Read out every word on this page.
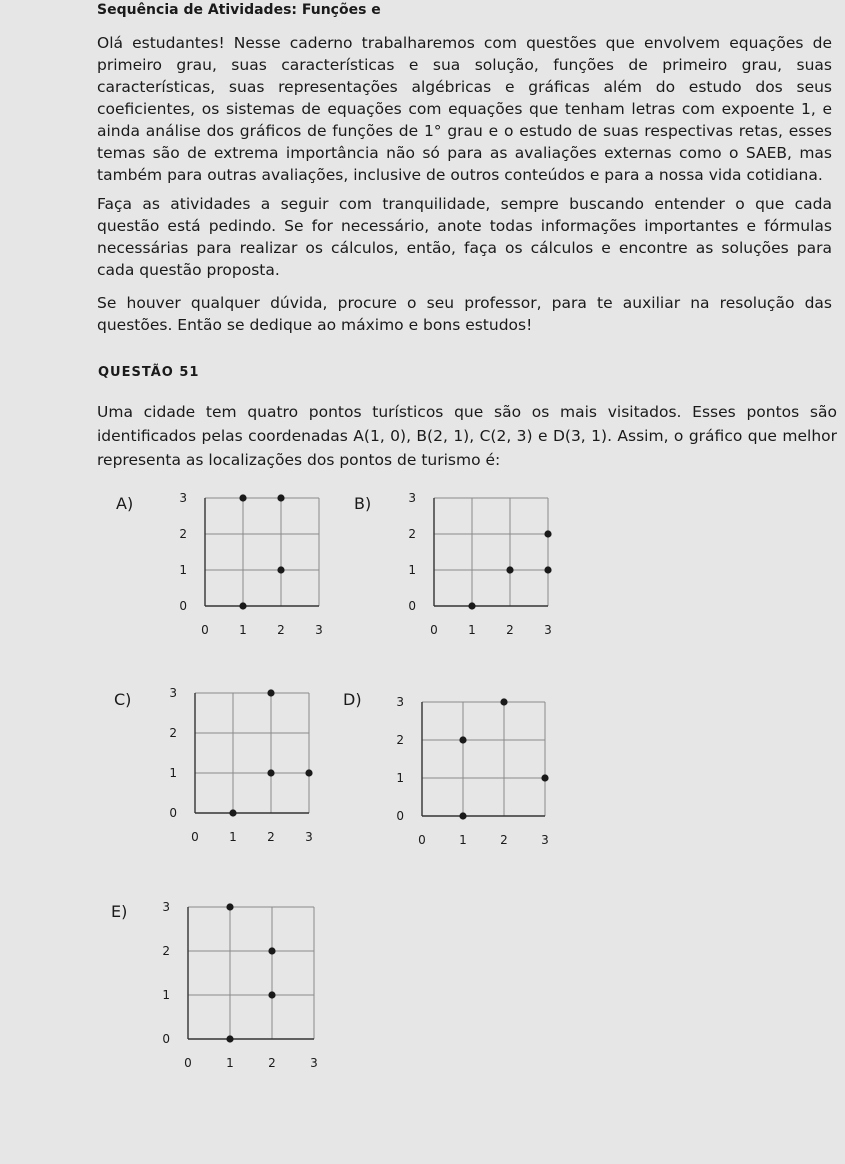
Sequência de Atividades: Funções e

Olá estudantes! Nesse caderno trabalharemos com questões que envolvem equações de primeiro grau, suas características e sua solução, funções de primeiro grau, suas características, suas representações algébricas e gráficas além do estudo dos seus coeficientes, os sistemas de equações com equações que tenham letras com expoente 1, e ainda análise dos gráficos de funções de 1° grau e o estudo de suas respectivas retas, esses temas são de extrema importância não só para as avaliações externas como o SAEB, mas também para outras avaliações, inclusive de outros conteúdos e para a nossa vida cotidiana.

Faça as atividades a seguir com tranquilidade, sempre buscando entender o que cada questão está pedindo. Se for necessário, anote todas informações importantes e fórmulas necessárias para realizar os cálculos, então, faça os cálculos e encontre as soluções para cada questão proposta.

Se houver qualquer dúvida, procure o seu professor, para te auxiliar na resolução das questões. Então se dedique ao máximo e bons estudos!

QUESTÃO 51

Uma cidade tem quatro pontos turísticos que são os mais visitados. Esses pontos são identificados pelas coordenadas A(1, 0), B(2, 1), C(2, 3) e D(3, 1). Assim, o gráfico que melhor representa as localizações dos pontos de turismo é:

A)
0	1	2	3
0
1
2
3	B)
0	1	2	3
0
1
2
3
C)
0	1	2	3
0
1
2
3	D)
0	1	2	3
0
1
2
3
E)
0	1	2	3
0
1
2
3
